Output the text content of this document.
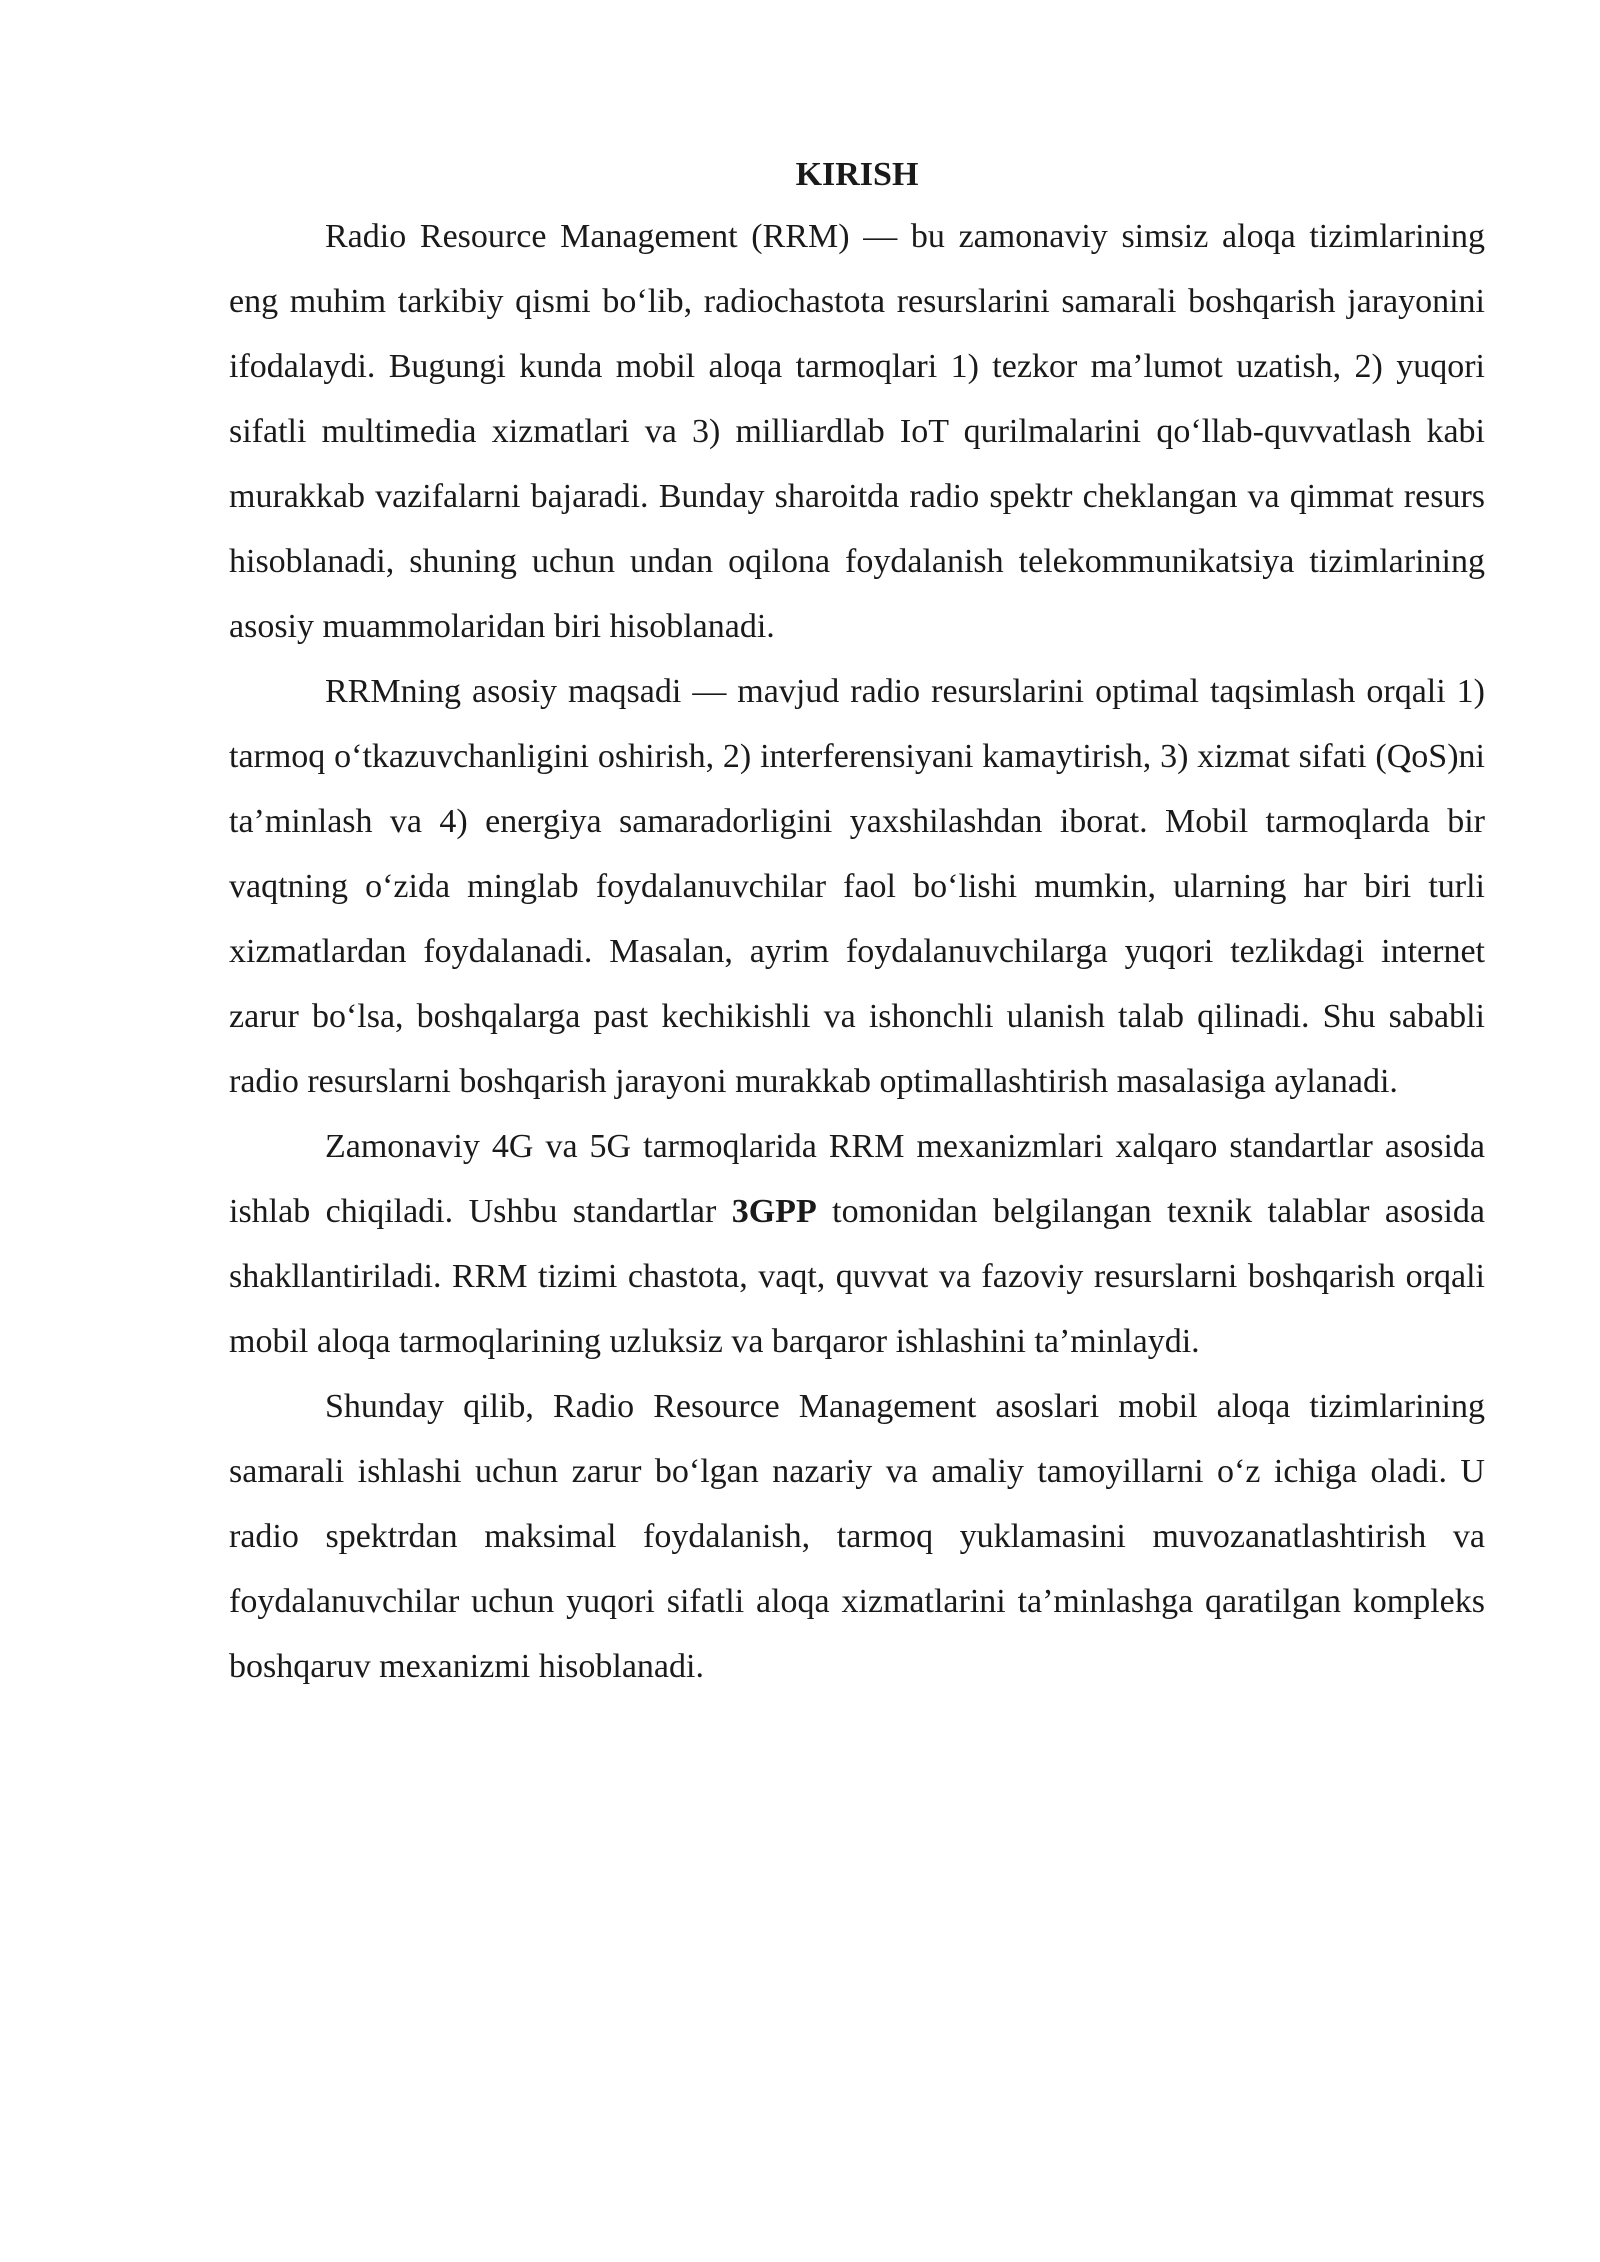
KIRISH

Radio Resource Management (RRM) — bu zamonaviy simsiz aloqa tizimlarining eng muhim tarkibiy qismi bo‘lib, radiochastota resurslarini samarali boshqarish jarayonini ifodalaydi. Bugungi kunda mobil aloqa tarmoqlari 1) tezkor ma’lumot uzatish, 2) yuqori sifatli multimedia xizmatlari va 3) milliardlab IoT qurilmalarini qo‘llab-quvvatlash kabi murakkab vazifalarni bajaradi. Bunday sharoitda radio spektr cheklangan va qimmat resurs hisoblanadi, shuning uchun undan oqilona foydalanish telekommunikatsiya tizimlarining asosiy muammolaridan biri hisoblanadi.

RRMning asosiy maqsadi — mavjud radio resurslarini optimal taqsimlash orqali 1) tarmoq o‘tkazuvchanligini oshirish, 2) interferensiyani kamaytirish, 3) xizmat sifati (QoS)ni ta’minlash va 4) energiya samaradorligini yaxshilashdan iborat. Mobil tarmoqlarda bir vaqtning o‘zida minglab foydalanuvchilar faol bo‘lishi mumkin, ularning har biri turli xizmatlardan foydalanadi. Masalan, ayrim foydalanuvchilarga yuqori tezlikdagi internet zarur bo‘lsa, boshqalarga past kechikishli va ishonchli ulanish talab qilinadi. Shu sababli radio resurslarni boshqarish jarayoni murakkab optimallashtirish masalasiga aylanadi.

Zamonaviy 4G va 5G tarmoqlarida RRM mexanizmlari xalqaro standartlar asosida ishlab chiqiladi. Ushbu standartlar 3GPP tomonidan belgilangan texnik talablar asosida shakllantiriladi. RRM tizimi chastota, vaqt, quvvat va fazoviy resurslarni boshqarish orqali mobil aloqa tarmoqlarining uzluksiz va barqaror ishlashini ta’minlaydi.

Shunday qilib, Radio Resource Management asoslari mobil aloqa tizimlarining samarali ishlashi uchun zarur bo‘lgan nazariy va amaliy tamoyillarni o‘z ichiga oladi. U radio spektrdan maksimal foydalanish, tarmoq yuklamasini muvozanatlashtirish va foydalanuvchilar uchun yuqori sifatli aloqa xizmatlarini ta’minlashga qaratilgan kompleks boshqaruv mexanizmi hisoblanadi.
